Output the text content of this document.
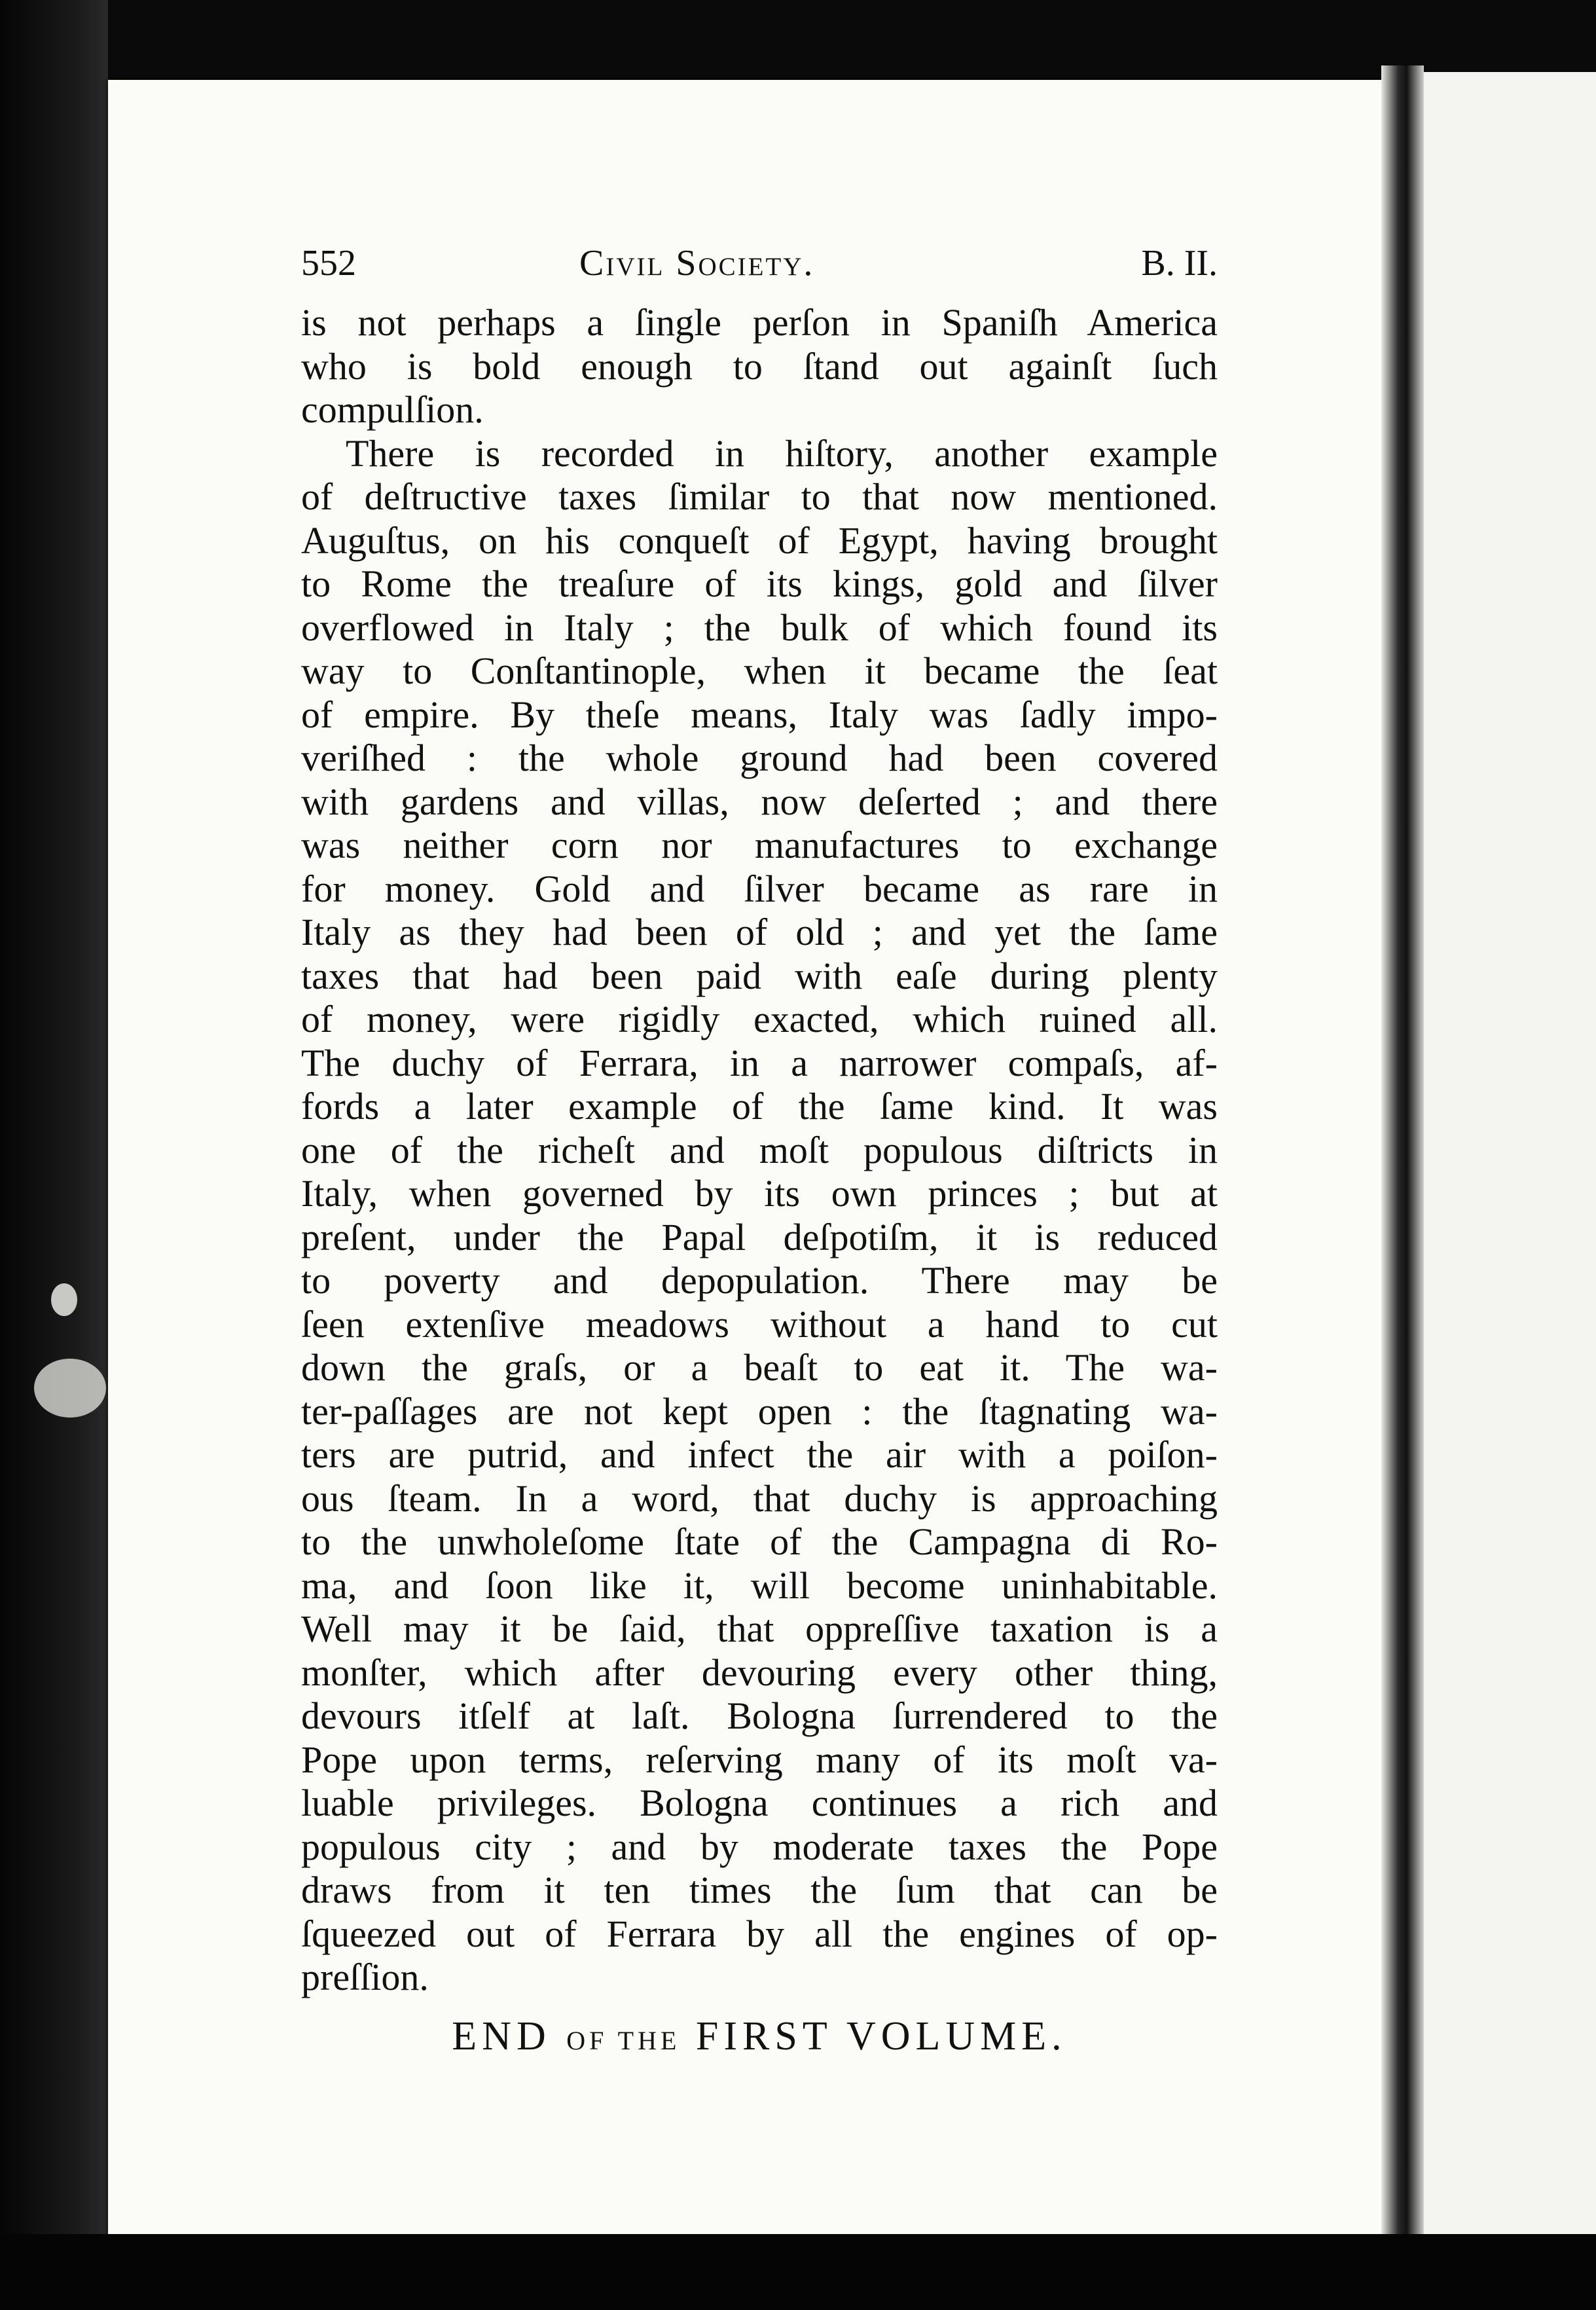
552	Civil Society.	B. II.
is not perhaps a ſingle perſon in Spaniſh America
who is bold enough to ſtand out againſt ſuch
compulſion.
There is recorded in hiſtory, another example
of deſtructive taxes ſimilar to that now mentioned.
Auguſtus, on his conqueſt of Egypt, having brought
to Rome the treaſure of its kings, gold and ſilver
overflowed in Italy ; the bulk of which found its
way to Conſtantinople, when it became the ſeat
of empire. By theſe means, Italy was ſadly impo-
veriſhed : the whole ground had been covered
with gardens and villas, now deſerted ; and there
was neither corn nor manufactures to exchange
for money. Gold and ſilver became as rare in
Italy as they had been of old ; and yet the ſame
taxes that had been paid with eaſe during plenty
of money, were rigidly exacted, which ruined all.
The duchy of Ferrara, in a narrower compaſs, af-
fords a later example of the ſame kind. It was
one of the richeſt and moſt populous diſtricts in
Italy, when governed by its own princes ; but at
preſent, under the Papal deſpotiſm, it is reduced
to poverty and depopulation. There may be
ſeen extenſive meadows without a hand to cut
down the graſs, or a beaſt to eat it. The wa-
ter-paſſages are not kept open : the ſtagnating wa-
ters are putrid, and infect the air with a poiſon-
ous ſteam. In a word, that duchy is approaching
to the unwholeſome ſtate of the Campagna di Ro-
ma, and ſoon like it, will become uninhabitable.
Well may it be ſaid, that oppreſſive taxation is a
monſter, which after devouring every other thing,
devours itſelf at laſt. Bologna ſurrendered to the
Pope upon terms, reſerving many of its moſt va-
luable privileges. Bologna continues a rich and
populous city ; and by moderate taxes the Pope
draws from it ten times the ſum that can be
ſqueezed out of Ferrara by all the engines of op-
preſſion.
END OF THE FIRST VOLUME.
